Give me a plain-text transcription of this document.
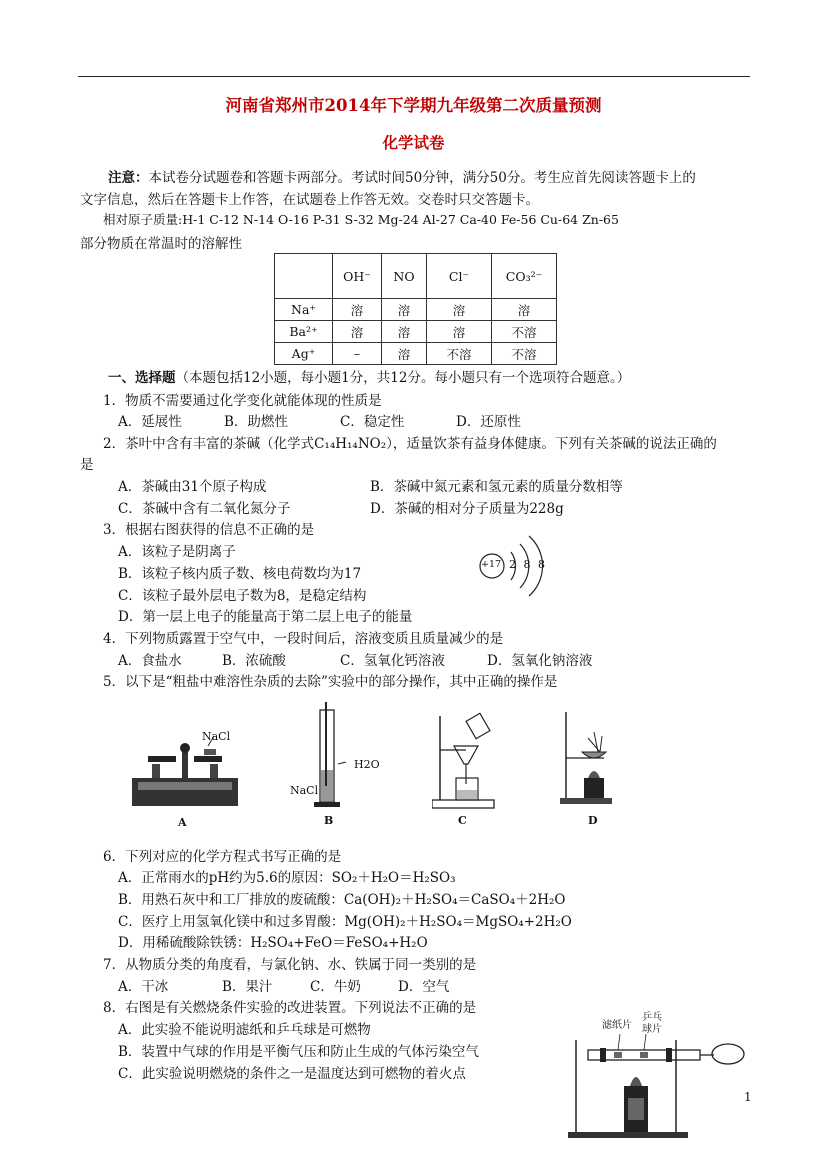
河南省郑州市2014年下学期九年级第二次质量预测
化学试卷
注意：本试卷分试题卷和答题卡两部分。考试时间50分钟，满分50分。考生应首先阅读答题卡上的
文字信息，然后在答题卡上作答，在试题卷上作答无效。交卷时只交答题卡。
相对原子质量:H-1 C-12 N-14 O-16 P-31 S-32 Mg-24 Al-27 Ca-40 Fe-56 Cu-64 Zn-65
部分物质在常温时的溶解性
	OH⁻	NO	Cl⁻	CO₃²⁻
Na⁺	溶	溶	溶	溶
Ba²⁺	溶	溶	溶	不溶
Ag⁺	–	溶	不溶	不溶
一、选择题（本题包括12小题，每小题1分，共12分。每小题只有一个选项符合题意。）
1．物质不需要通过化学变化就能体现的性质是
A．延展性	B．助燃性	C．稳定性	D．还原性
2．茶叶中含有丰富的茶碱（化学式C₁₄H₁₄NO₂），适量饮茶有益身体健康。下列有关茶碱的说法正确的
是
A．茶碱由31个原子构成	B．茶碱中氮元素和氢元素的质量分数相等
C．茶碱中含有二氧化氮分子	D．茶碱的相对分子质量为228g
3．根据右图获得的信息不正确的是
A．该粒子是阴离子
B．该粒子核内质子数、核电荷数均为17
C．该粒子最外层电子数为8，是稳定结构
D．第一层上电子的能量高于第二层上电子的能量
+17 2 8 8
4．下列物质露置于空气中，一段时间后，溶液变质且质量减少的是
A．食盐水	B．浓硫酸	C．氢氧化钙溶液	D．氢氧化钠溶液
5．以下是“粗盐中难溶性杂质的去除”实验中的部分操作，其中正确的操作是
NaCl
A
H2O
NaCl
B	C	D
6．下列对应的化学方程式书写正确的是
A．正常雨水的pH约为5.6的原因：SO₂＋H₂O＝H₂SO₃
B．用熟石灰中和工厂排放的废硫酸：Ca(OH)₂＋H₂SO₄＝CaSO₄＋2H₂O
C．医疗上用氢氧化镁中和过多胃酸：Mg(OH)₂＋H₂SO₄＝MgSO₄+2H₂O
D．用稀硫酸除铁锈：H₂SO₄+FeO＝FeSO₄+H₂O
7．从物质分类的角度看，与氯化钠、水、铁属于同一类别的是
A．干冰	B．果汁	C．牛奶	D．空气
8．右图是有关燃烧条件实验的改进装置。下列说法不正确的是
A．此实验不能说明滤纸和乒乓球是可燃物
B．装置中气球的作用是平衡气压和防止生成的气体污染空气
C．此实验说明燃烧的条件之一是温度达到可燃物的着火点
滤纸片
乒乓
球片
1
